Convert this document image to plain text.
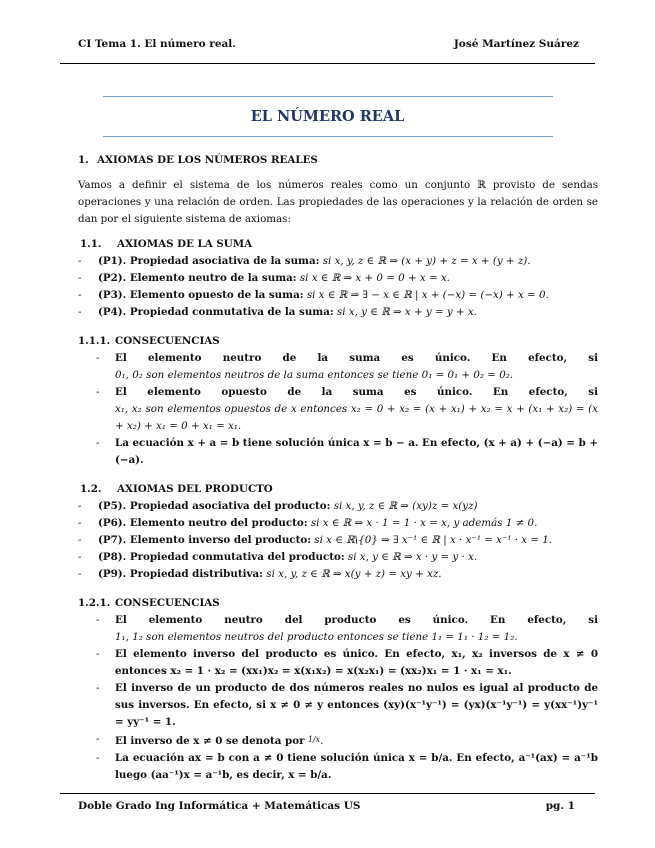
CI Tema 1. El número real.	José Martínez Suárez
EL NÚMERO REAL
1. AXIOMAS DE LOS NÚMEROS REALES
Vamos a definir el sistema de los números reales como un conjunto ℝ provisto de sendas operaciones y una relación de orden. Las propiedades de las operaciones y la relación de orden se dan por el siguiente sistema de axiomas:
1.1. AXIOMAS DE LA SUMA
- (P1). Propiedad asociativa de la suma: si x, y, z ∈ ℝ ⇒ (x + y) + z = x + (y + z).
- (P2). Elemento neutro de la suma: si x ∈ ℝ ⇒ x + 0 = 0 + x = x.
- (P3). Elemento opuesto de la suma: si x ∈ ℝ ⇒ ∃ − x ∈ ℝ | x + (−x) = (−x) + x = 0.
- (P4). Propiedad conmutativa de la suma: si x, y ∈ ℝ ⇒ x + y = y + x.
1.1.1. CONSECUENCIAS
- El elemento neutro de la suma es único. En efecto, si
0₁, 0₂ son elementos neutros de la suma entonces se tiene 0₁ = 0₁ + 0₂ = 0₂.
- El elemento opuesto de la suma es único. En efecto, si
x₁, x₂ son elementos opuestos de x entonces x₂ = 0 + x₂ = (x + x₁) + x₂ = x + (x₁ + x₂) = (x + x₂) + x₁ = 0 + x₁ = x₁.
- La ecuación x + a = b tiene solución única x = b − a. En efecto, (x + a) + (−a) = b + (−a).
1.2. AXIOMAS DEL PRODUCTO
- (P5). Propiedad asociativa del producto: si x, y, z ∈ ℝ ⇒ (xy)z = x(yz)
- (P6). Elemento neutro del producto: si x ∈ ℝ ⇒ x · 1 = 1 · x = x, y además 1 ≠ 0.
- (P7). Elemento inverso del producto: si x ∈ ℝ\{0} ⇒ ∃ x⁻¹ ∈ ℝ | x · x⁻¹ = x⁻¹ · x = 1.
- (P8). Propiedad conmutativa del producto: si x, y ∈ ℝ ⇒ x · y = y · x.
- (P9). Propiedad distributiva: si x, y, z ∈ ℝ ⇒ x(y + z) = xy + xz.
1.2.1. CONSECUENCIAS
- El elemento neutro del producto es único. En efecto, si
1₁, 1₂ son elementos neutros del producto entonces se tiene 1₁ = 1₁ · 1₂ = 1₂.
- El elemento inverso del producto es único. En efecto, x₁, x₂ inversos de x ≠ 0 entonces x₂ = 1 · x₂ = (xx₁)x₂ = x(x₁x₂) = x(x₂x₁) = (xx₂)x₁ = 1 · x₁ = x₁.
- El inverso de un producto de dos números reales no nulos es igual al producto de sus inversos. En efecto, si x ≠ 0 ≠ y entonces (xy)(x⁻¹y⁻¹) = (yx)(x⁻¹y⁻¹) = y(xx⁻¹)y⁻¹ = yy⁻¹ = 1.
- El inverso de x ≠ 0 se denota por 1/x.
- La ecuación ax = b con a ≠ 0 tiene solución única x = b/a. En efecto, a⁻¹(ax) = a⁻¹b luego (aa⁻¹)x = a⁻¹b, es decir, x = b/a.
Doble Grado Ing Informática + Matemáticas US	pg. 1
